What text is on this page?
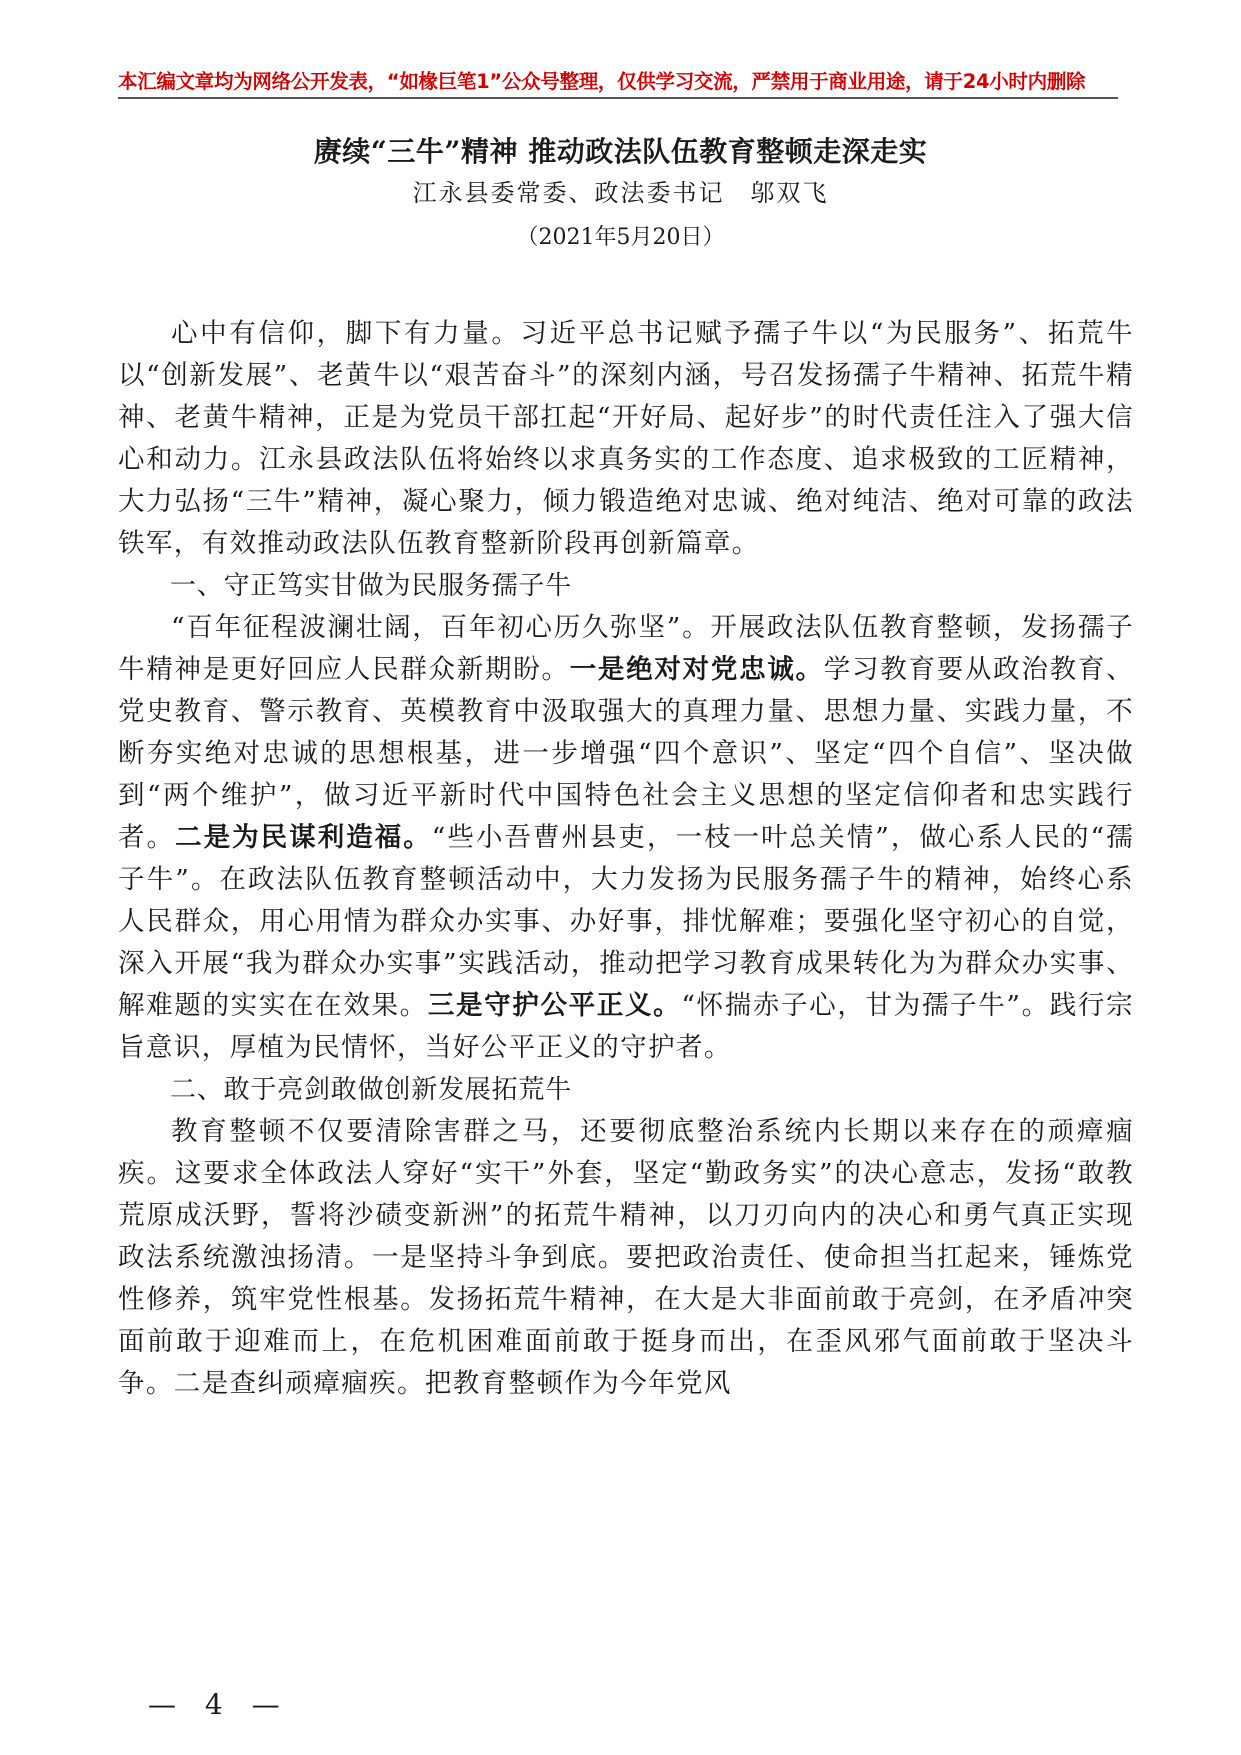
本汇编文章均为网络公开发表，“如椽巨笔1”公众号整理，仅供学习交流，严禁用于商业用途，请于24小时内删除
赓续“三牛”精神 推动政法队伍教育整顿走深走实
江永县委常委、政法委书记　邬双飞
（2021年5月20日）

心中有信仰，脚下有力量。习近平总书记赋予孺子牛以“为民服务”、拓荒牛以“创新发展”、老黄牛以“艰苦奋斗”的深刻内涵，号召发扬孺子牛精神、拓荒牛精神、老黄牛精神，正是为党员干部扛起“开好局、起好步”的时代责任注入了强大信心和动力。江永县政法队伍将始终以求真务实的工作态度、追求极致的工匠精神，大力弘扬“三牛”精神，凝心聚力，倾力锻造绝对忠诚、绝对纯洁、绝对可靠的政法铁军，有效推动政法队伍教育整新阶段再创新篇章。

一、守正笃实甘做为民服务孺子牛

“百年征程波澜壮阔，百年初心历久弥坚”。开展政法队伍教育整顿，发扬孺子牛精神是更好回应人民群众新期盼。一是绝对对党忠诚。学习教育要从政治教育、党史教育、警示教育、英模教育中汲取强大的真理力量、思想力量、实践力量，不断夯实绝对忠诚的思想根基，进一步增强“四个意识”、坚定“四个自信”、坚决做到“两个维护”，做习近平新时代中国特色社会主义思想的坚定信仰者和忠实践行者。二是为民谋利造福。“些小吾曹州县吏，一枝一叶总关情”，做心系人民的“孺子牛”。在政法队伍教育整顿活动中，大力发扬为民服务孺子牛的精神，始终心系人民群众，用心用情为群众办实事、办好事，排忧解难；要强化坚守初心的自觉，深入开展“我为群众办实事”实践活动，推动把学习教育成果转化为为群众办实事、解难题的实实在在效果。三是守护公平正义。“怀揣赤子心，甘为孺子牛”。践行宗旨意识，厚植为民情怀，当好公平正义的守护者。

二、敢于亮剑敢做创新发展拓荒牛

教育整顿不仅要清除害群之马，还要彻底整治系统内长期以来存在的顽瘴痼疾。这要求全体政法人穿好“实干”外套，坚定“勤政务实”的决心意志，发扬“敢教荒原成沃野，誓将沙碛变新洲”的拓荒牛精神，以刀刃向内的决心和勇气真正实现政法系统激浊扬清。一是坚持斗争到底。要把政治责任、使命担当扛起来，锤炼党性修养，筑牢党性根基。发扬拓荒牛精神，在大是大非面前敢于亮剑，在矛盾冲突面前敢于迎难而上，在危机困难面前敢于挺身而出，在歪风邪气面前敢于坚决斗争。二是查纠顽瘴痼疾。把教育整顿作为今年党风

— 4 —
